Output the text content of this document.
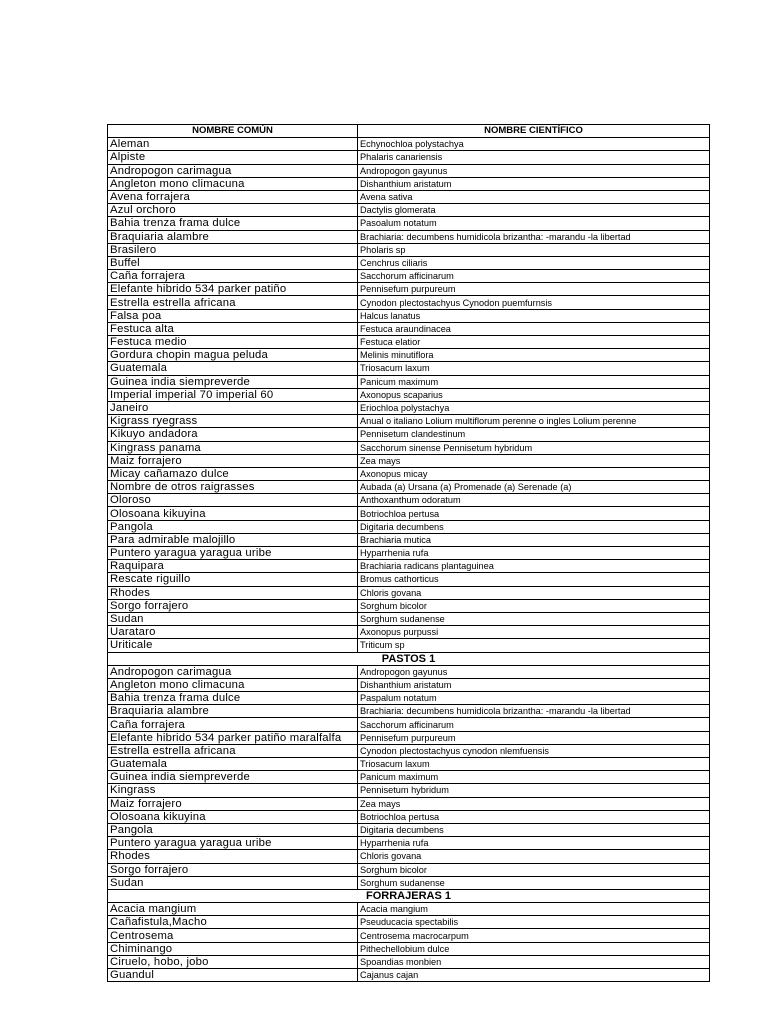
NOMBRE COMÚN	NOMBRE CIENTÍFICO
Aleman	Echynochloa polystachya
Alpiste	Phalaris canariensis
Andropogon carimagua	Andropogon gayunus
Angleton mono climacuna	Dishanthium aristatum
Avena forrajera	Avena sativa
Azul orchoro	Dactylis glomerata
Bahia trenza frama dulce	Pasoalum notatum
Braquiaria alambre	Brachiaria: decumbens humidicola brizantha: -marandu -la libertad
Brasilero	Pholaris sp
Buffel	Cenchrus ciliaris
Caña forrajera	Sacchorum afficinarum
Elefante hibrido 534 parker patiño	Pennisefum purpureum
Estrella estrella africana	Cynodon plectostachyus Cynodon puemfurnsis
Falsa poa	Halcus lanatus
Festuca alta	Festuca araundinacea
Festuca medio	Festuca elatior
Gordura chopin magua peluda	Melinis minutiflora
Guatemala	Triosacum laxum
Guinea india siempreverde	Panicum maximum
Imperial imperial 70 imperial 60	Axonopus scaparius
Janeiro	Eriochloa polystachya
Kigrass ryegrass	Anual o italiano Lolium multiflorum perenne o ingles Lolium perenne
Kikuyo andadora	Pennisetum clandestinum
Kingrass panama	Sacchorum sinense Pennisetum hybridum
Maiz forrajero	Zea mays
Micay cañamazo dulce	Axonopus micay
Nombre de otros raigrasses	Aubada (a) Ursana (a) Promenade (a) Serenade (a)
Oloroso	Anthoxanthum odoratum
Olosoana kikuyina	Botriochloa pertusa
Pangola	Digitaria decumbens
Para admirable malojillo	Brachiaria mutica
Puntero yaragua yaragua uribe	Hyparrhenia rufa
Raquipara	Brachiaria radicans plantaguinea
Rescate riguillo	Bromus cathorticus
Rhodes	Chloris govana
Sorgo forrajero	Sorghum bicolor
Sudan	Sorghum sudanense
Uarataro	Axonopus purpussi
Uriticale	Triticum sp
PASTOS 1	
Andropogon carimagua	Andropogon gayunus
Angleton mono climacuna	Dishanthium aristatum
Bahia trenza frama dulce	Paspalum notatum
Braquiaria alambre	Brachiaria: decumbens humidicola brizantha: -marandu -la libertad
Caña forrajera	Sacchorum afficinarum
Elefante hibrido 534 parker patiño maralfalfa	Pennisefum purpureum
Estrella estrella africana	Cynodon plectostachyus cynodon nlemfuensis
Guatemala	Triosacum laxum
Guinea india siempreverde	Panicum maximum
Kingrass	Pennisetum hybridum
Maiz forrajero	Zea mays
Olosoana kikuyina	Botriochloa pertusa
Pangola	Digitaria decumbens
Puntero yaragua yaragua uribe	Hyparrhenia rufa
Rhodes	Chloris govana
Sorgo forrajero	Sorghum bicolor
Sudan	Sorghum sudanense
FORRAJERAS 1	
Acacia mangium	Acacia mangium
Cañafistula,Macho	Pseuducacia spectabilis
Centrosema	Centrosema macrocarpum
Chiminango	Pithechellobium dulce
Ciruelo, hobo, jobo	Spoandias monbien
Guandul	Cajanus cajan
